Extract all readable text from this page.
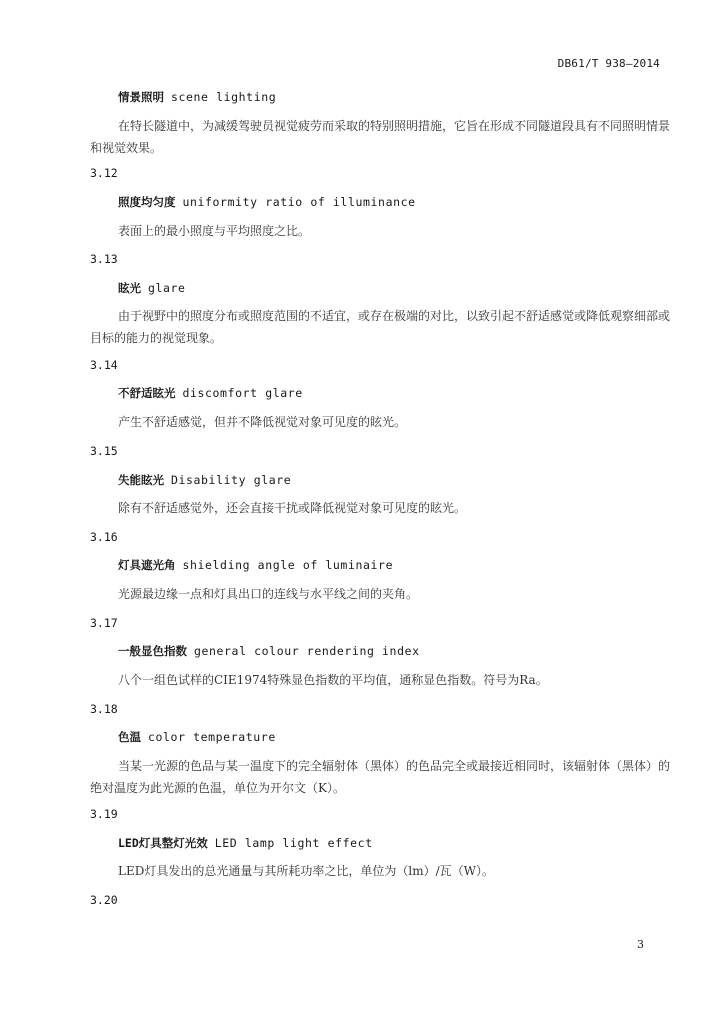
DB61/T 938—2014
情景照明 scene lighting
在特长隧道中，为减缓驾驶员视觉疲劳而采取的特别照明措施，它旨在形成不同隧道段具有不同照明情景和视觉效果。
3.12
照度均匀度 uniformity ratio of illuminance
表面上的最小照度与平均照度之比。
3.13
眩光 glare
由于视野中的照度分布或照度范围的不适宜，或存在极端的对比，以致引起不舒适感觉或降低观察细部或目标的能力的视觉现象。
3.14
不舒适眩光 discomfort glare
产生不舒适感觉，但并不降低视觉对象可见度的眩光。
3.15
失能眩光 Disability glare
除有不舒适感觉外，还会直接干扰或降低视觉对象可见度的眩光。
3.16
灯具遮光角 shielding angle of luminaire
光源最边缘一点和灯具出口的连线与水平线之间的夹角。
3.17
一般显色指数 general colour rendering index
八个一组色试样的CIE1974特殊显色指数的平均值，通称显色指数。符号为Ra。
3.18
色温 color temperature
当某一光源的色品与某一温度下的完全辐射体（黑体）的色品完全或最接近相同时，该辐射体（黑体）的绝对温度为此光源的色温，单位为开尔文（K）。
3.19
LED灯具整灯光效 LED lamp light effect
LED灯具发出的总光通量与其所耗功率之比，单位为（lm）/瓦（W）。
3.20
3
